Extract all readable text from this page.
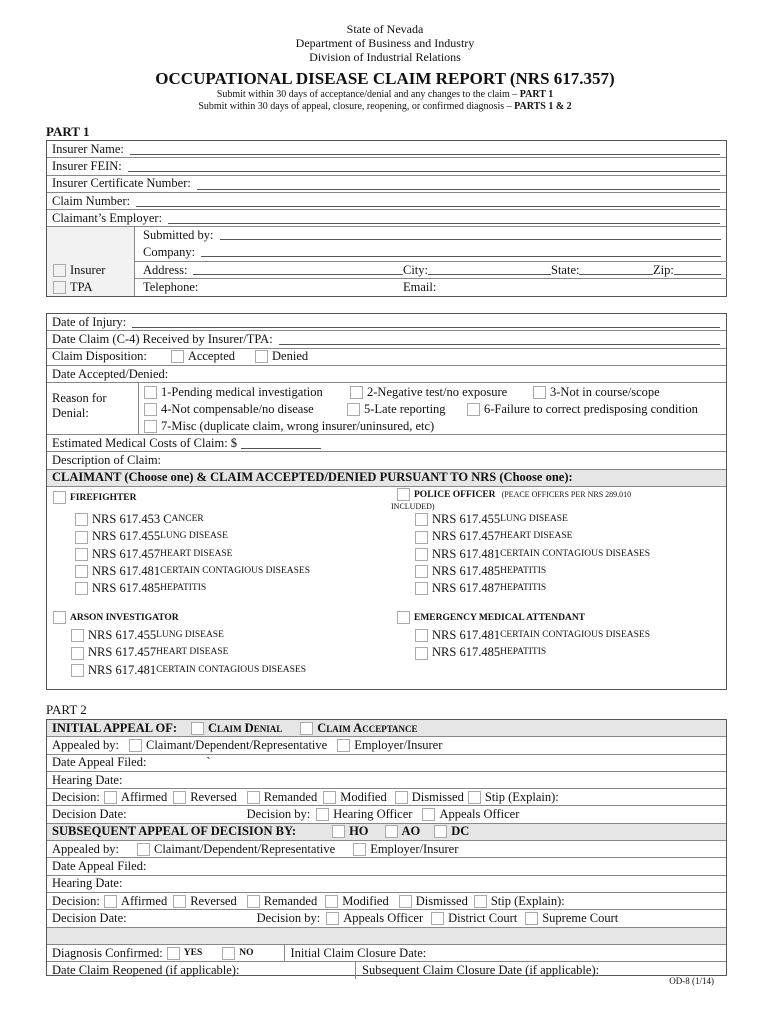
State of Nevada
Department of Business and Industry
Division of Industrial Relations
OCCUPATIONAL DISEASE CLAIM REPORT (NRS 617.357)
Submit within 30 days of acceptance/denial and any changes to the claim – PART 1
Submit within 30 days of appeal, closure, reopening, or confirmed diagnosis – PARTS 1 & 2
PART 1
Insurer Name:
Insurer FEIN:
Insurer Certificate Number:
Claim Number:
Claimant’s Employer:
Insurer
TPA
Submitted by:
Company:
Address:	City:	State:	Zip:
Telephone:	Email:
Date of Injury:
Date Claim (C-4) Received by Insurer/TPA:
Claim Disposition:	Accepted	Denied
Date Accepted/Denied:
Reason for
Denial:
1-Pending medical investigation	2-Negative test/no exposure	3-Not in course/scope
4-Not compensable/no disease	5-Late reporting	6-Failure to correct predisposing condition
7-Misc (duplicate claim, wrong insurer/uninsured, etc)
Estimated Medical Costs of Claim: $
Description of Claim:
CLAIMANT (Choose one) & CLAIM ACCEPTED/DENIED PURSUANT TO NRS (Choose one):
FIREFIGHTER
NRS 617.453 C ANCER
NRS 617.455 LUNG DISEASE
NRS 617.457 HEART DISEASE
NRS 617.481 CERTAIN CONTAGIOUS DISEASES
NRS 617.485 HEPATITIS
POLICE OFFICER (PEACE OFFICERS PER NRS 289.010
INCLUDED)
NRS 617.455 LUNG DISEASE
NRS 617.457 HEART DISEASE
NRS 617.481 CERTAIN CONTAGIOUS DISEASES
NRS 617.485 HEPATITIS
NRS 617.487 HEPATITIS
ARSON INVESTIGATOR
NRS 617.455 LUNG DISEASE
NRS 617.457 HEART DISEASE
NRS 617.481 CERTAIN CONTAGIOUS DISEASES
EMERGENCY MEDICAL ATTENDANT
NRS 617.481 CERTAIN CONTAGIOUS DISEASES
NRS 617.485 HEPATITIS
PART 2
INITIAL APPEAL OF: Claim Denial	Claim Acceptance
Appealed by: Claimant/Dependent/Representative Employer/Insurer
Date Appeal Filed:	`
Hearing Date:
Decision: Affirmed Reversed Remanded Modified Dismissed Stip (Explain):
Decision Date:	Decision by: Hearing Officer Appeals Officer
SUBSEQUENT APPEAL OF DECISION BY:	HO	AO DC
Appealed by:	Claimant/Dependent/Representative	Employer/Insurer
Date Appeal Filed:
Hearing Date:
Decision: Affirmed Reversed Remanded Modified Dismissed Stip (Explain):
Decision Date:	Decision by: Appeals Officer District Court Supreme Court
Diagnosis Confirmed: YES	NO	Initial Claim Closure Date:
Date Claim Reopened (if applicable):	Subsequent Claim Closure Date (if applicable):
OD-8 (1/14)
